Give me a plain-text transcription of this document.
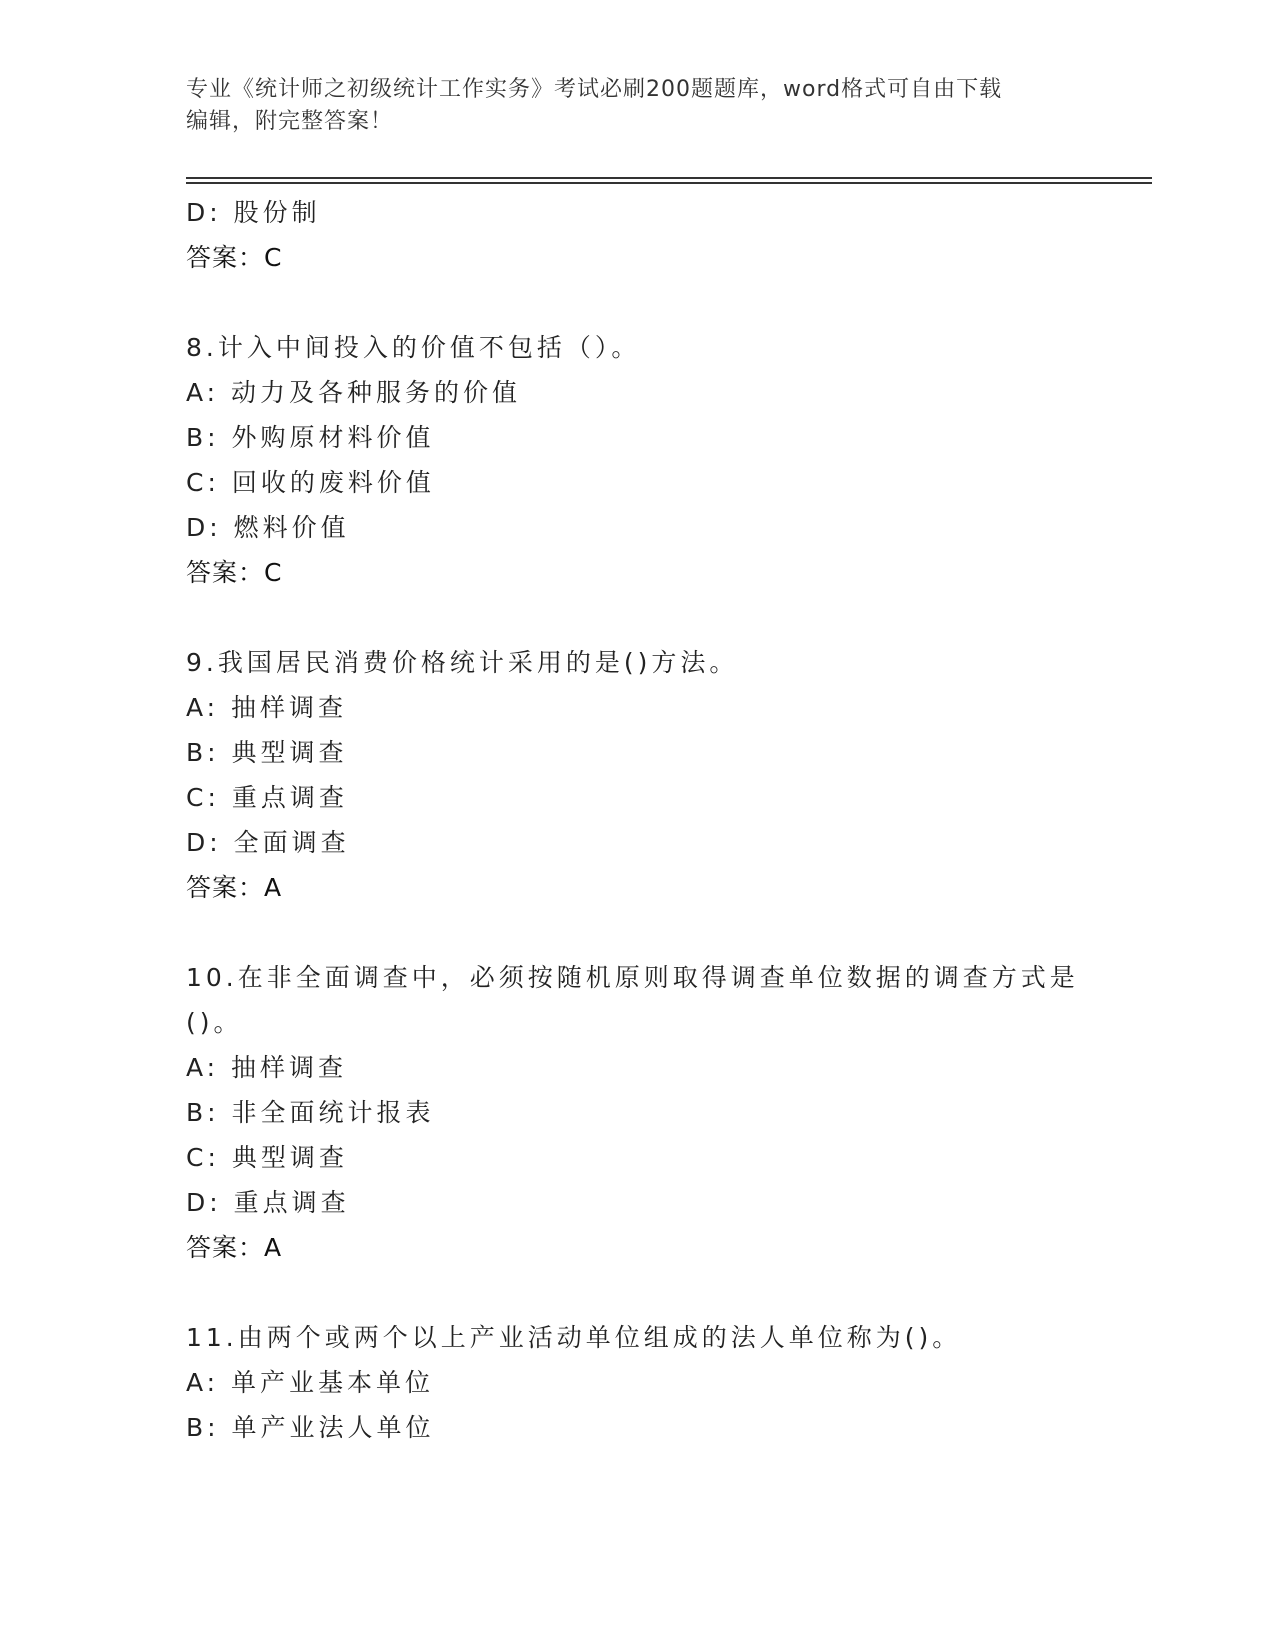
专业《统计师之初级统计工作实务》考试必刷200题题库，word格式可自由下载
编辑，附完整答案！
D: 股份制
答案：C
8.计入中间投入的价值不包括（）。
A: 动力及各种服务的价值
B: 外购原材料价值
C: 回收的废料价值
D: 燃料价值
答案：C
9.我国居民消费价格统计采用的是()方法。
A: 抽样调查
B: 典型调查
C: 重点调查
D: 全面调查
答案：A
10.在非全面调查中，必须按随机原则取得调查单位数据的调查方式是
()。
A: 抽样调查
B: 非全面统计报表
C: 典型调查
D: 重点调查
答案：A
11.由两个或两个以上产业活动单位组成的法人单位称为()。
A: 单产业基本单位
B: 单产业法人单位
